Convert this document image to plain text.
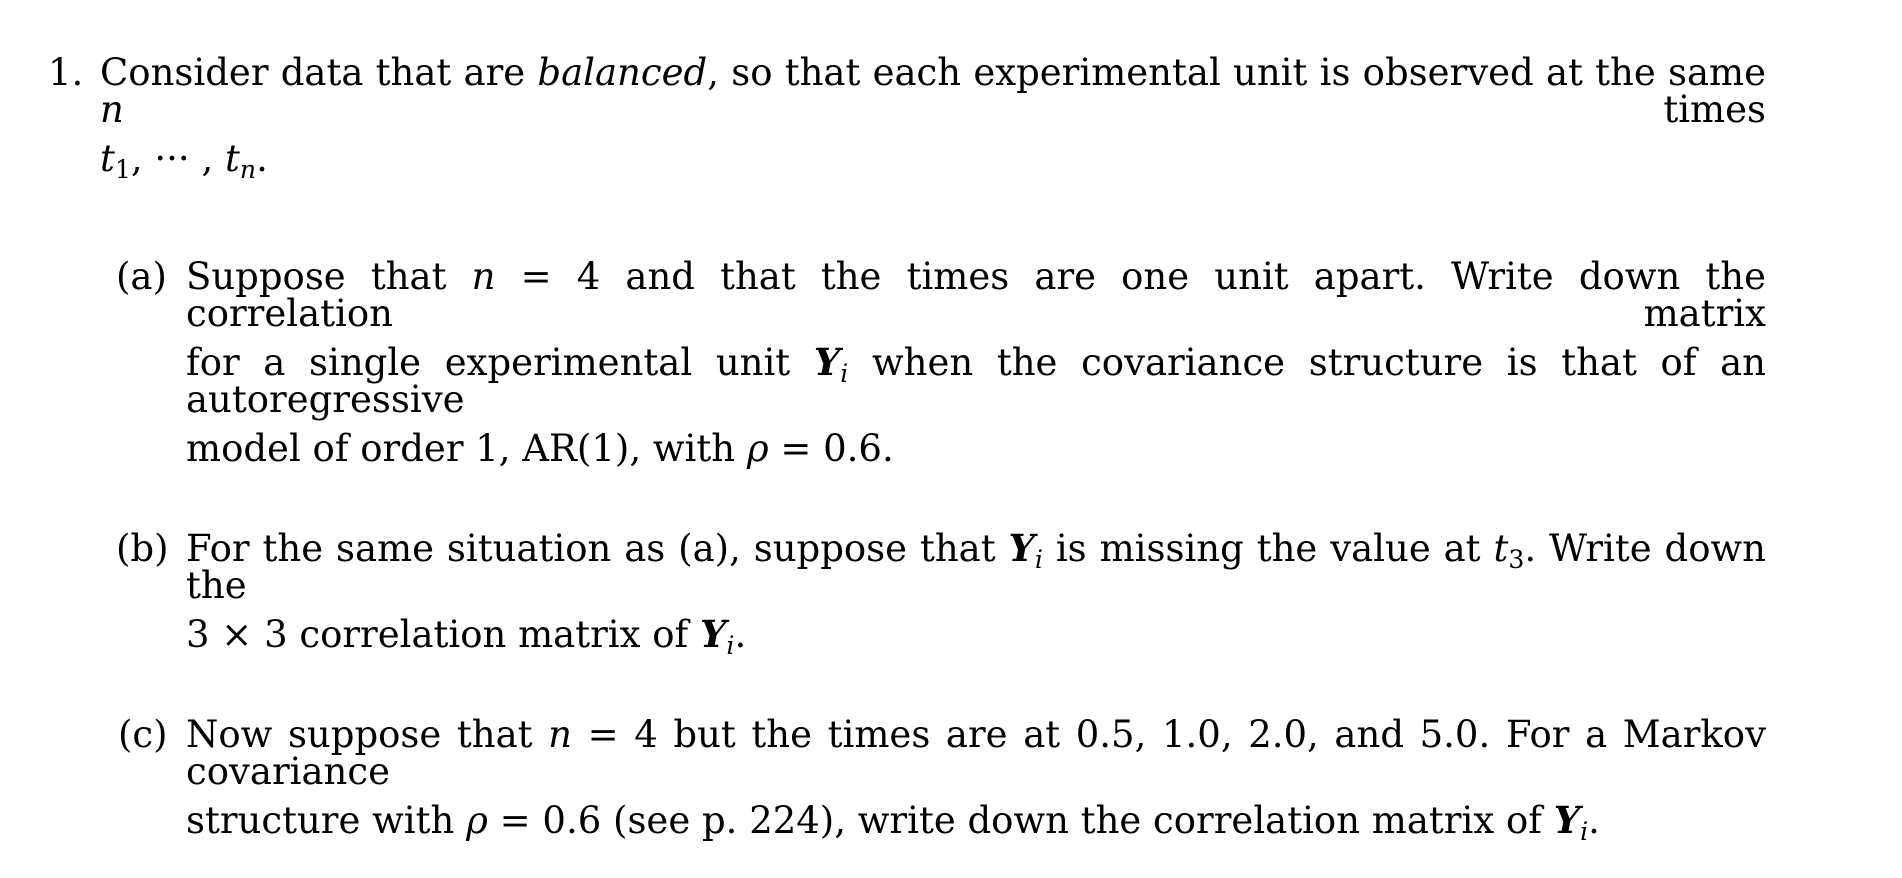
1. Consider data that are balanced, so that each experimental unit is observed at the same n times
$t_1$, ··· , $t_n$.
(a) Suppose that n = 4 and that the times are one unit apart. Write down the correlation matrix
for a single experimental unit $Y_i$ when the covariance structure is that of an autoregressive
model of order 1, AR(1), with ρ = 0.6.
(b) For the same situation as (a), suppose that $Y_i$ is missing the value at $t_3$. Write down the
3 × 3 correlation matrix of $Y_i$.
(c) Now suppose that n = 4 but the times are at 0.5, 1.0, 2.0, and 5.0. For a Markov covariance
structure with ρ = 0.6 (see p. 224), write down the correlation matrix of $Y_i$.
